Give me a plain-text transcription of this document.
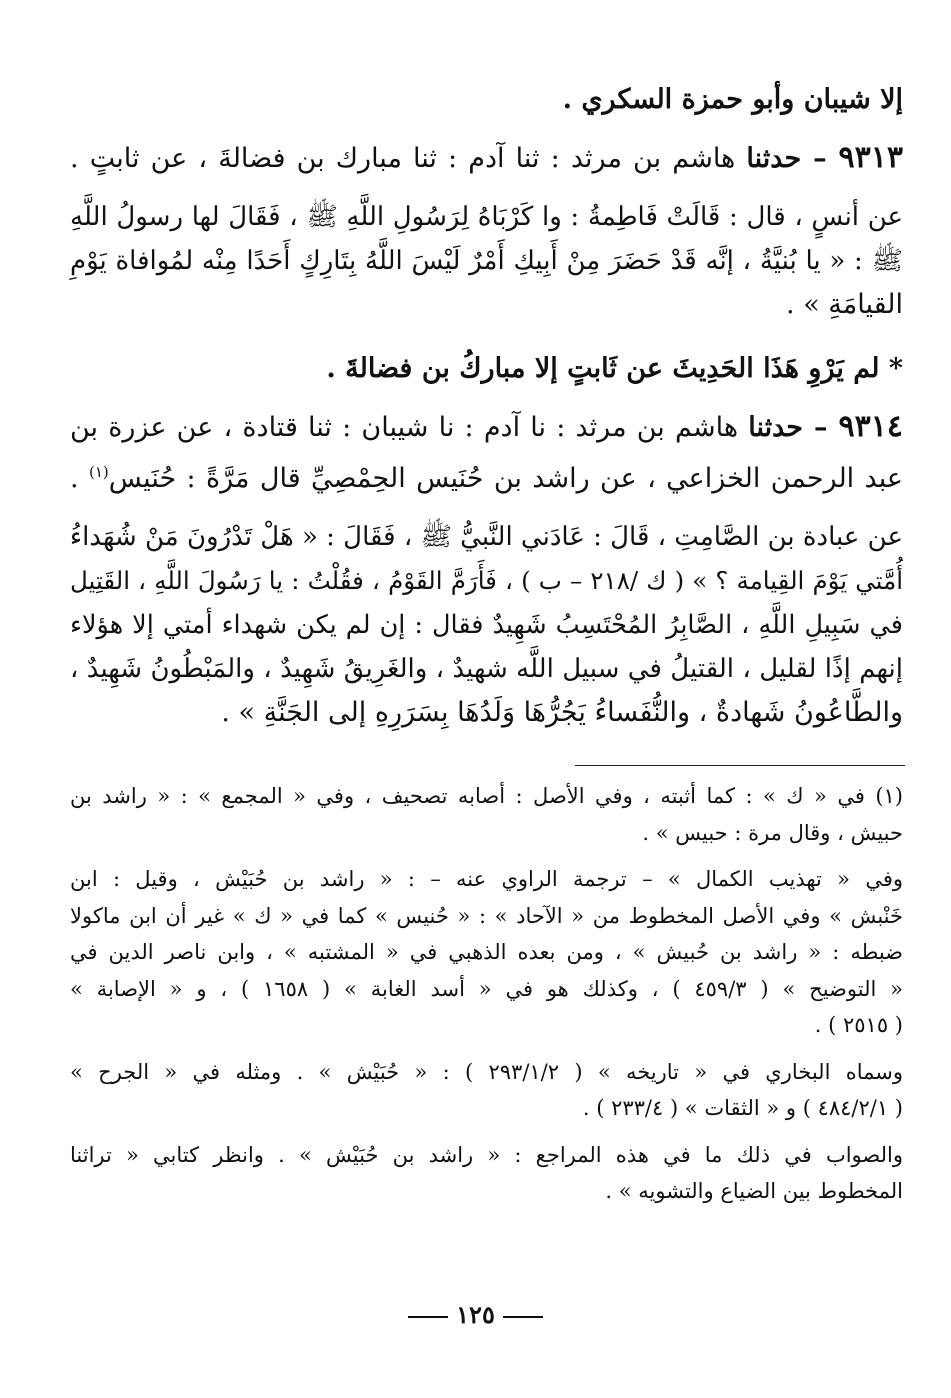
إلا شيبان وأبو حمزة السكري .

٩٣١٣ – حدثنا هاشم بن مرثد : ثنا آدم : ثنا مبارك بن فضالةَ ، عن ثابتٍ .

عن أنسٍ ، قال : قَالَتْ فَاطِمةُ : وا كَرْبَاهُ لِرَسُولِ اللَّهِ ﷺ ، فَقَالَ لها رسولُ اللَّهِ

ﷺ : « يا بُنيَّةُ ، إنَّه قَدْ حَضَرَ مِنْ أَبِيكِ أَمْرٌ لَيْسَ اللَّهُ بِتَارِكٍ أَحَدًا مِنْه لمُوافاة يَوْمِ

القيامَةِ » .

* لم يَرْوِ هَذَا الحَدِيثَ عن ثَابتٍ إلا مباركُ بن فضالةَ .

٩٣١٤ – حدثنا هاشم بن مرثد : نا آدم : نا شيبان : ثنا قتادة ، عن عزرة بن

عبد الرحمن الخزاعي ، عن راشد بن حُنَيس الحِمْصِيِّ قال مَرَّةً : حُنَيس$^{(١)}$ .

عن عبادة بن الصَّامِتِ ، قَالَ : عَادَني النَّبيُّ ﷺ ، فَقَالَ : « هَلْ تَدْرُونَ مَنْ شُهَداءُ

أُمَّتي يَوْمَ القِيامة ؟ » ( ك /٢١٨ – ب ) ، فَأَرَمَّ القَوْمُ ، فقُلْتُ : يا رَسُولَ اللَّهِ ، القَتِيل

في سَبِيلِ اللَّهِ ، الصَّابِرُ المُحْتَسِبُ شَهِيدٌ فقال : إن لم يكن شهداء أمتي إلا هؤلاء

إنهم إذًا لقليل ، القتيلُ في سبيل اللَّه شهيدٌ ، والغَرِيقُ شَهِيدٌ ، والمَبْطُونُ شَهِيدٌ ،

والطَّاعُونُ شَهادةٌ ، والنُّفَساءُ يَجُرُّهَا وَلَدُهَا بِسَرَرِهِ إلى الجَنَّةِ » .

(١) في « ك » : كما أثبته ، وفي الأصل : أصابه تصحيف ، وفي « المجمع » : « راشد بن

حبيش ، وقال مرة : حبيس » .

وفي « تهذيب الكمال » – ترجمة الراوي عنه – : « راشد بن حُبَيْش ، وقيل : ابن

خَنْبش » وفي الأصل المخطوط من « الآحاد » : « حُنيس » كما في « ك » غير أن ابن ماكولا

ضبطه : « راشد بن حُبيش » ، ومن بعده الذهبي في « المشتبه » ، وابن ناصر الدين في

« التوضيح » ( ٤٥٩/٣ ) ، وكذلك هو في « أسد الغابة » ( ١٦٥٨ ) ، و « الإصابة »

( ٢٥١٥ ) .

وسماه البخاري في « تاريخه » ( ٢٩٣/١/٢ ) : « حُبَيْش » . ومثله في « الجرح »

( ٤٨٤/٢/١ ) و « الثقات » ( ٢٣٣/٤ ) .

والصواب في ذلك ما في هذه المراجع : « راشد بن حُبَيْش » . وانظر كتابي « تراثنا

المخطوط بين الضياع والتشويه » .

١٢٥
